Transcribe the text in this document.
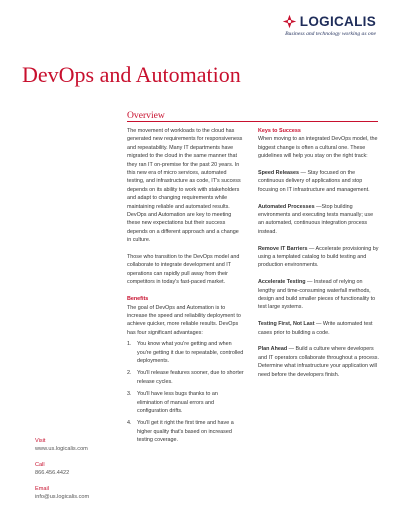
LOGICALIS
Business and technology working as one
DevOps and Automation
Overview

The movement of workloads to the cloud has generated new requirements for responsiveness and repeatability. Many IT departments have migrated to the cloud in the same manner that they ran IT on-premise for the past 20 years. In this new era of micro services, automated testing, and infrastructure as code, IT's success depends on its ability to work with stakeholders and adapt to changing requirements while maintaining reliable and automated results. DevOps and Automation are key to meeting these new expectations but their success depends on a different approach and a change in culture.

Those who transition to the DevOps model and collaborate to integrate development and IT operations can rapidly pull away from their competitors in today's fast-paced market.

Benefits

The goal of DevOps and Automation is to increase the speed and reliability deployment to achieve quicker, more reliable results. DevOps has four significant advantages:

1.	You know what you're getting and when you're getting it due to repeatable, controlled deployments.
2.	You'll release features sooner, due to shorter release cycles.
3.	You'll have less bugs thanks to an elimination of manual errors and configuration drifts.
4.	You'll get it right the first time and have a higher quality that's based on increased testing coverage.
Keys to Success

When moving to an integrated DevOps model, the biggest change is often a cultural one. These guidelines will help you stay on the right track:

Speed Releases — Stay focused on the continuous delivery of applications and stop focusing on IT infrastructure and management.

Automated Processes —Stop building environments and executing tests manually; use an automated, continuous integration process instead.

Remove IT Barriers — Accelerate provisioning by using a templated catalog to build testing and production environments.

Accelerate Testing — Instead of relying on lengthy and time-consuming waterfall methods, design and build smaller pieces of functionality to test large systems.

Testing First, Not Last — Write automated test cases prior to building a code.

Plan Ahead — Build a culture where developers and IT operators collaborate throughout a process. Determine what infrastructure your application will need before the developers finish.

Visit
www.us.logicalis.com
Call
866.456.4422
Email
info@us.logicalis.com
